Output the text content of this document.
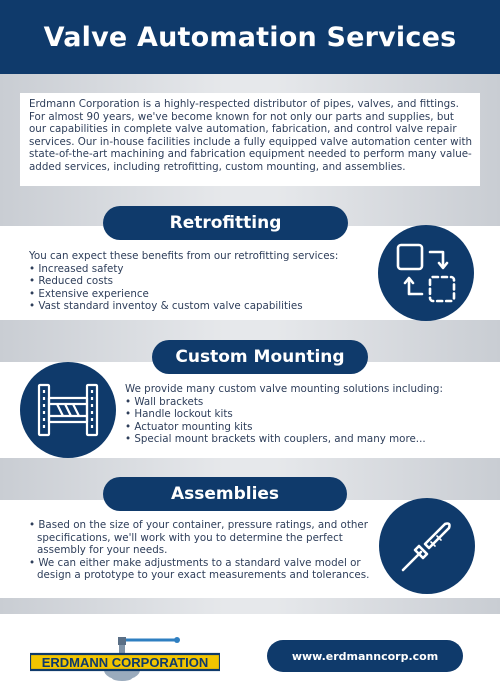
Valve Automation Services

Erdmann Corporation is a highly-respected distributor of pipes, valves, and fittings. For almost 90 years, we've become known for not only our parts and supplies, but our capabilities in complete valve automation, fabrication, and control valve repair services. Our in-house facilities include a fully equipped valve automation center with state-of-the-art machining and fabrication equipment needed to perform many value-added services, including retrofitting, custom mounting, and assemblies.

Retrofitting

You can expect these benefits from our retrofitting services:

• Increased safety
• Reduced costs
• Extensive experience
• Vast standard inventoy & custom valve capabilities
Custom Mounting

We provide many custom valve mounting solutions including:

• Wall brackets
• Handle lockout kits
• Actuator mounting kits
• Special mount brackets with couplers, and many more...
Assemblies
• Based on the size of your container, pressure ratings, and other specifications, we'll work with you to determine the perfect assembly for your needs.
• We can either make adjustments to a standard valve model or design a prototype to your exact measurements and tolerances.
ERDMANN CORPORATION	www.erdmanncorp.com
